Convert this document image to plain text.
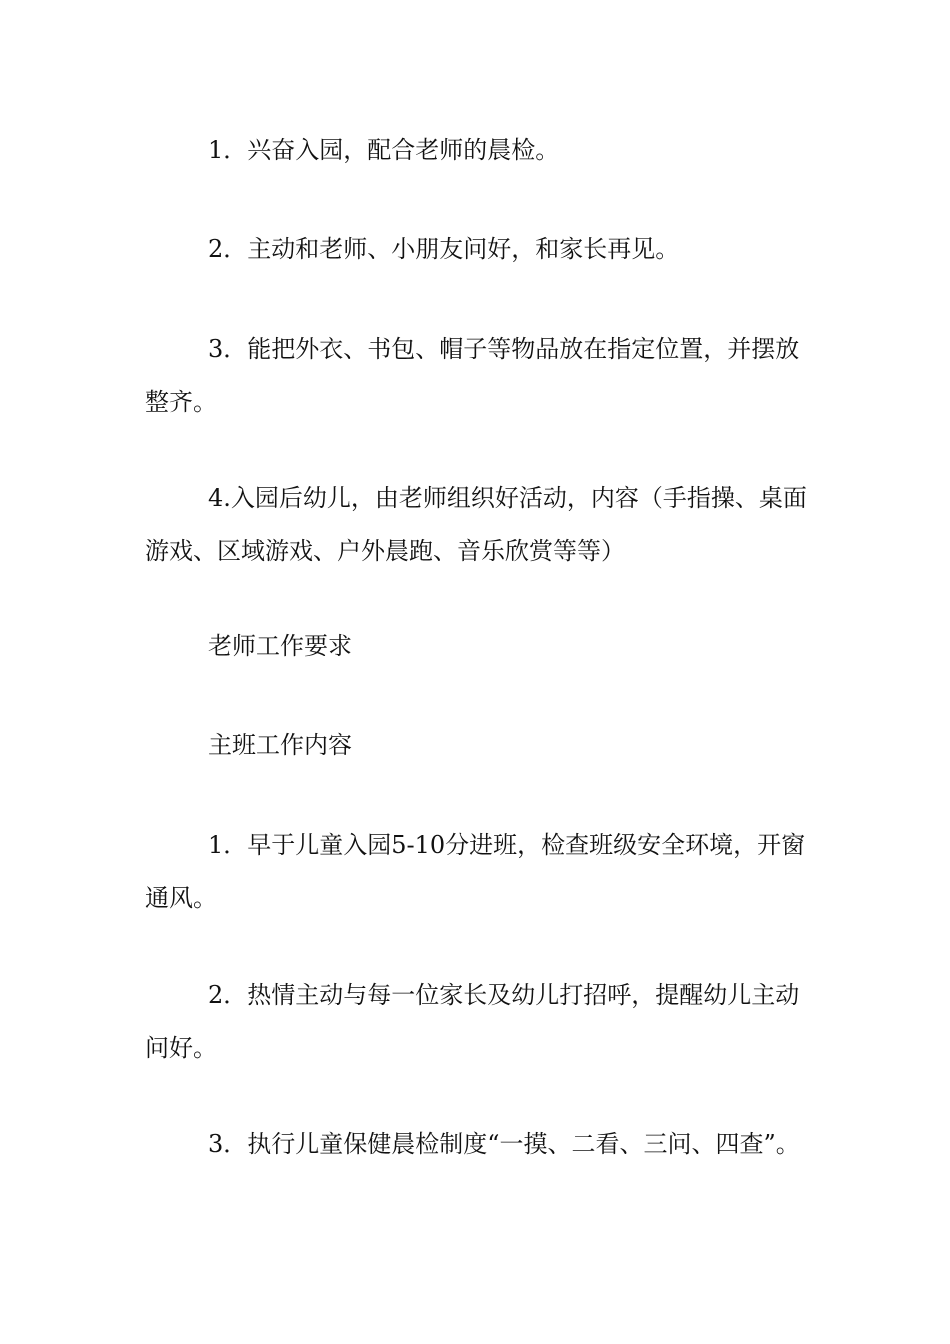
1．兴奋入园，配合老师的晨检。

2．主动和老师、小朋友问好，和家长再见。

3．能把外衣、书包、帽子等物品放在指定位置，并摆放整齐。

4.入园后幼儿，由老师组织好活动，内容（手指操、桌面游戏、区域游戏、户外晨跑、音乐欣赏等等）

老师工作要求

主班工作内容

1．早于儿童入园5-10分进班，检查班级安全环境，开窗通风。

2．热情主动与每一位家长及幼儿打招呼，提醒幼儿主动问好。

3．执行儿童保健晨检制度“一摸、二看、三问、四查”。
